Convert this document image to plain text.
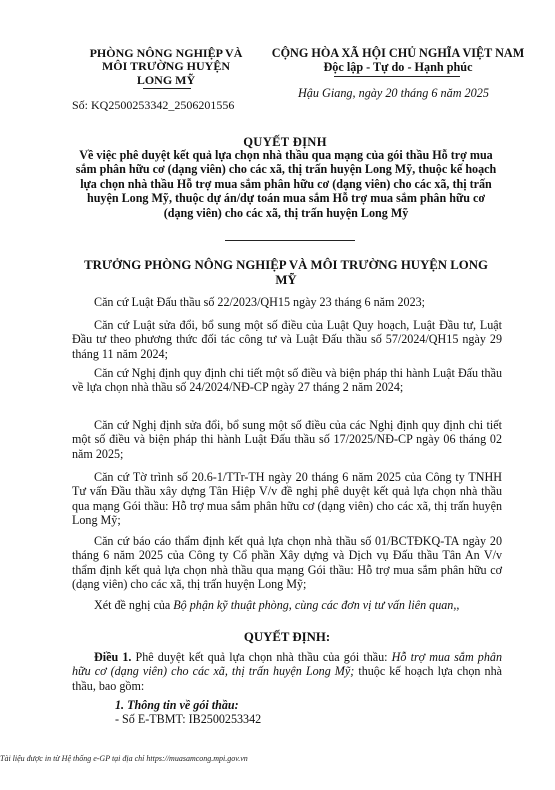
PHÒNG NÔNG NGHIỆP VÀ
MÔI TRƯỜNG HUYỆN
LONG MỸ
CỘNG HÒA XÃ HỘI CHỦ NGHĨA VIỆT NAM
Độc lập - Tự do - Hạnh phúc
Số: KQ2500253342_2506201556
Hậu Giang, ngày 20 tháng 6 năm 2025
QUYẾT ĐỊNH
Về việc phê duyệt kết quả lựa chọn nhà thầu qua mạng của gói thầu Hỗ trợ mua sắm phân hữu cơ (dạng viên) cho các xã, thị trấn huyện Long Mỹ, thuộc kế hoạch lựa chọn nhà thầu Hỗ trợ mua sắm phân hữu cơ (dạng viên) cho các xã, thị trấn huyện Long Mỹ, thuộc dự án/dự toán mua sắm Hỗ trợ mua sắm phân hữu cơ (dạng viên) cho các xã, thị trấn huyện Long Mỹ
TRƯỞNG PHÒNG NÔNG NGHIỆP VÀ MÔI TRƯỜNG HUYỆN LONG MỸ
Căn cứ Luật Đấu thầu số 22/2023/QH15 ngày 23 tháng 6 năm 2023;
Căn cứ Luật sửa đổi, bổ sung một số điều của Luật Quy hoạch, Luật Đầu tư, Luật Đầu tư theo phương thức đối tác công tư và Luật Đấu thầu số 57/2024/QH15 ngày 29 tháng 11 năm 2024;
Căn cứ Nghị định quy định chi tiết một số điều và biện pháp thi hành Luật Đấu thầu về lựa chọn nhà thầu số 24/2024/NĐ-CP ngày 27 tháng 2 năm 2024;
Căn cứ Nghị định sửa đổi, bổ sung một số điều của các Nghị định quy định chi tiết một số điều và biện pháp thi hành Luật Đấu thầu số 17/2025/NĐ-CP ngày 06 tháng 02 năm 2025;
Căn cứ Tờ trình số 20.6-1/TTr-TH ngày 20 tháng 6 năm 2025 của Công ty TNHH Tư vấn Đầu thầu xây dựng Tân Hiệp V/v đề nghị phê duyệt kết quả lựa chọn nhà thầu qua mạng Gói thầu: Hỗ trợ mua sắm phân hữu cơ (dạng viên) cho các xã, thị trấn huyện Long Mỹ;
Căn cứ báo cáo thẩm định kết quả lựa chọn nhà thầu số 01/BCTĐKQ-TA ngày 20 tháng 6 năm 2025 của Công ty Cổ phần Xây dựng và Dịch vụ Đấu thầu Tân An V/v thẩm định kết quả lựa chọn nhà thầu qua mạng Gói thầu: Hỗ trợ mua sắm phân hữu cơ (dạng viên) cho các xã, thị trấn huyện Long Mỹ;
Xét đề nghị của Bộ phận kỹ thuật phòng, cùng các đơn vị tư vấn liên quan,,
QUYẾT ĐỊNH:
Điều 1. Phê duyệt kết quả lựa chọn nhà thầu của gói thầu: Hỗ trợ mua sắm phân hữu cơ (dạng viên) cho các xã, thị trấn huyện Long Mỹ; thuộc kế hoạch lựa chọn nhà thầu, bao gồm:
1. Thông tin về gói thầu:
- Số E-TBMT: IB2500253342
Tài liệu được in từ Hệ thống e-GP tại địa chỉ https://muasamcong.mpi.gov.vn
